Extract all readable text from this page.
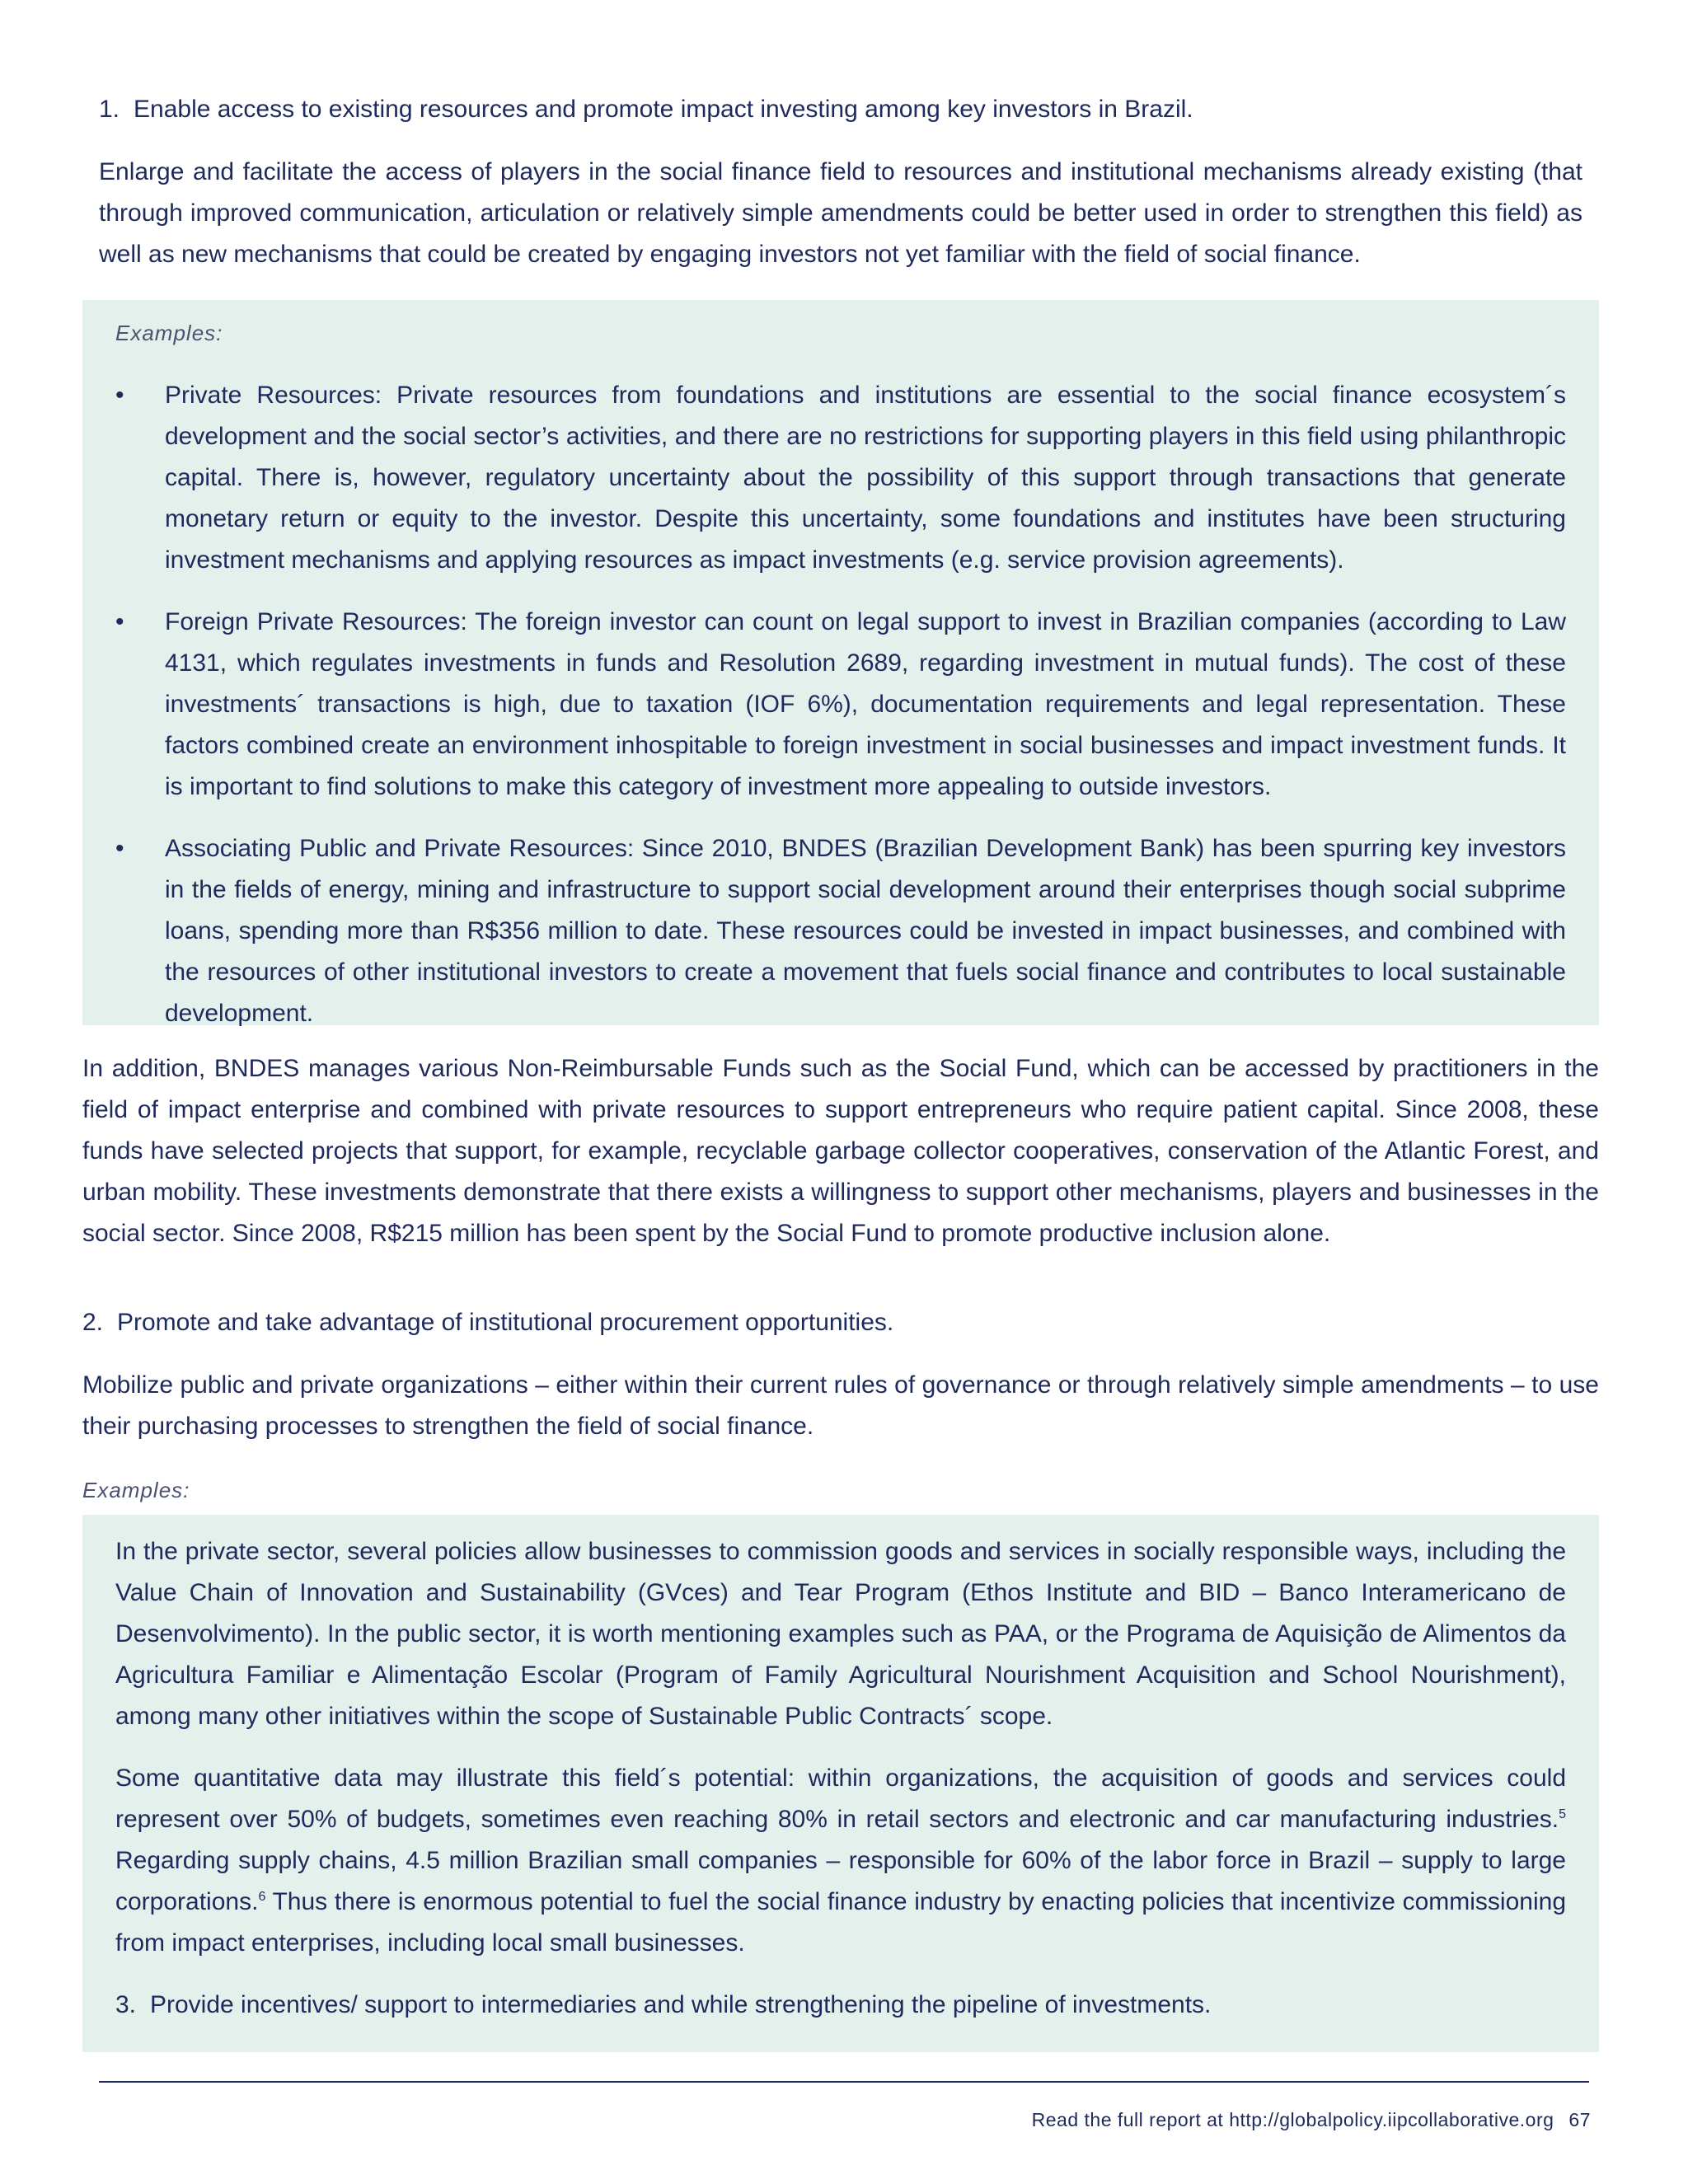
1. Enable access to existing resources and promote impact investing among key investors in Brazil.
Enlarge and facilitate the access of players in the social finance field to resources and institutional mechanisms already existing (that through improved communication, articulation or relatively simple amendments could be better used in order to strengthen this field) as well as new mechanisms that could be created by engaging investors not yet familiar with the field of social finance.
Examples:
• Private Resources: Private resources from foundations and institutions are essential to the social finance ecosystem´s development and the social sector’s activities, and there are no restrictions for supporting players in this field using philanthropic capital. There is, however, regulatory uncertainty about the possibility of this support through transactions that generate monetary return or equity to the investor. Despite this uncertainty, some foundations and institutes have been structuring investment mechanisms and applying resources as impact investments (e.g. service provision agreements).
• Foreign Private Resources: The foreign investor can count on legal support to invest in Brazilian companies (according to Law 4131, which regulates investments in funds and Resolution 2689, regarding investment in mutual funds). The cost of these investments´ transactions is high, due to taxation (IOF 6%), documentation requirements and legal representation. These factors combined create an environment inhospitable to foreign investment in social businesses and impact investment funds. It is important to find solutions to make this category of investment more appealing to outside investors.
• Associating Public and Private Resources: Since 2010, BNDES (Brazilian Development Bank) has been spurring key investors in the fields of energy, mining and infrastructure to support social development around their enterprises though social subprime loans, spending more than R$356 million to date. These resources could be invested in impact businesses, and combined with the resources of other institutional investors to create a movement that fuels social finance and contributes to local sustainable development.
In addition, BNDES manages various Non-Reimbursable Funds such as the Social Fund, which can be accessed by practitioners in the field of impact enterprise and combined with private resources to support entrepreneurs who require patient capital. Since 2008, these funds have selected projects that support, for example, recyclable garbage collector cooperatives, conservation of the Atlantic Forest, and urban mobility. These investments demonstrate that there exists a willingness to support other mechanisms, players and businesses in the social sector. Since 2008, R$215 million has been spent by the Social Fund to promote productive inclusion alone.
2. Promote and take advantage of institutional procurement opportunities.
Mobilize public and private organizations – either within their current rules of governance or through relatively simple amendments – to use their purchasing processes to strengthen the field of social finance.
Examples:
In the private sector, several policies allow businesses to commission goods and services in socially responsible ways, including the Value Chain of Innovation and Sustainability (GVces) and Tear Program (Ethos Institute and BID – Banco Interamericano de Desenvolvimento). In the public sector, it is worth mentioning examples such as PAA, or the Programa de Aquisição de Alimentos da Agricultura Familiar e Alimentação Escolar (Program of Family Agricultural Nourishment Acquisition and School Nourishment), among many other initiatives within the scope of Sustainable Public Contracts´ scope.
Some quantitative data may illustrate this field´s potential: within organizations, the acquisition of goods and services could represent over 50% of budgets, sometimes even reaching 80% in retail sectors and electronic and car manufacturing industries.$^5$ Regarding supply chains, 4.5 million Brazilian small companies – responsible for 60% of the labor force in Brazil – supply to large corporations.$^6$ Thus there is enormous potential to fuel the social finance industry by enacting policies that incentivize commissioning from impact enterprises, including local small businesses.
3. Provide incentives/ support to intermediaries and while strengthening the pipeline of investments.
Read the full report at http://globalpolicy.iipcollaborative.org 67
